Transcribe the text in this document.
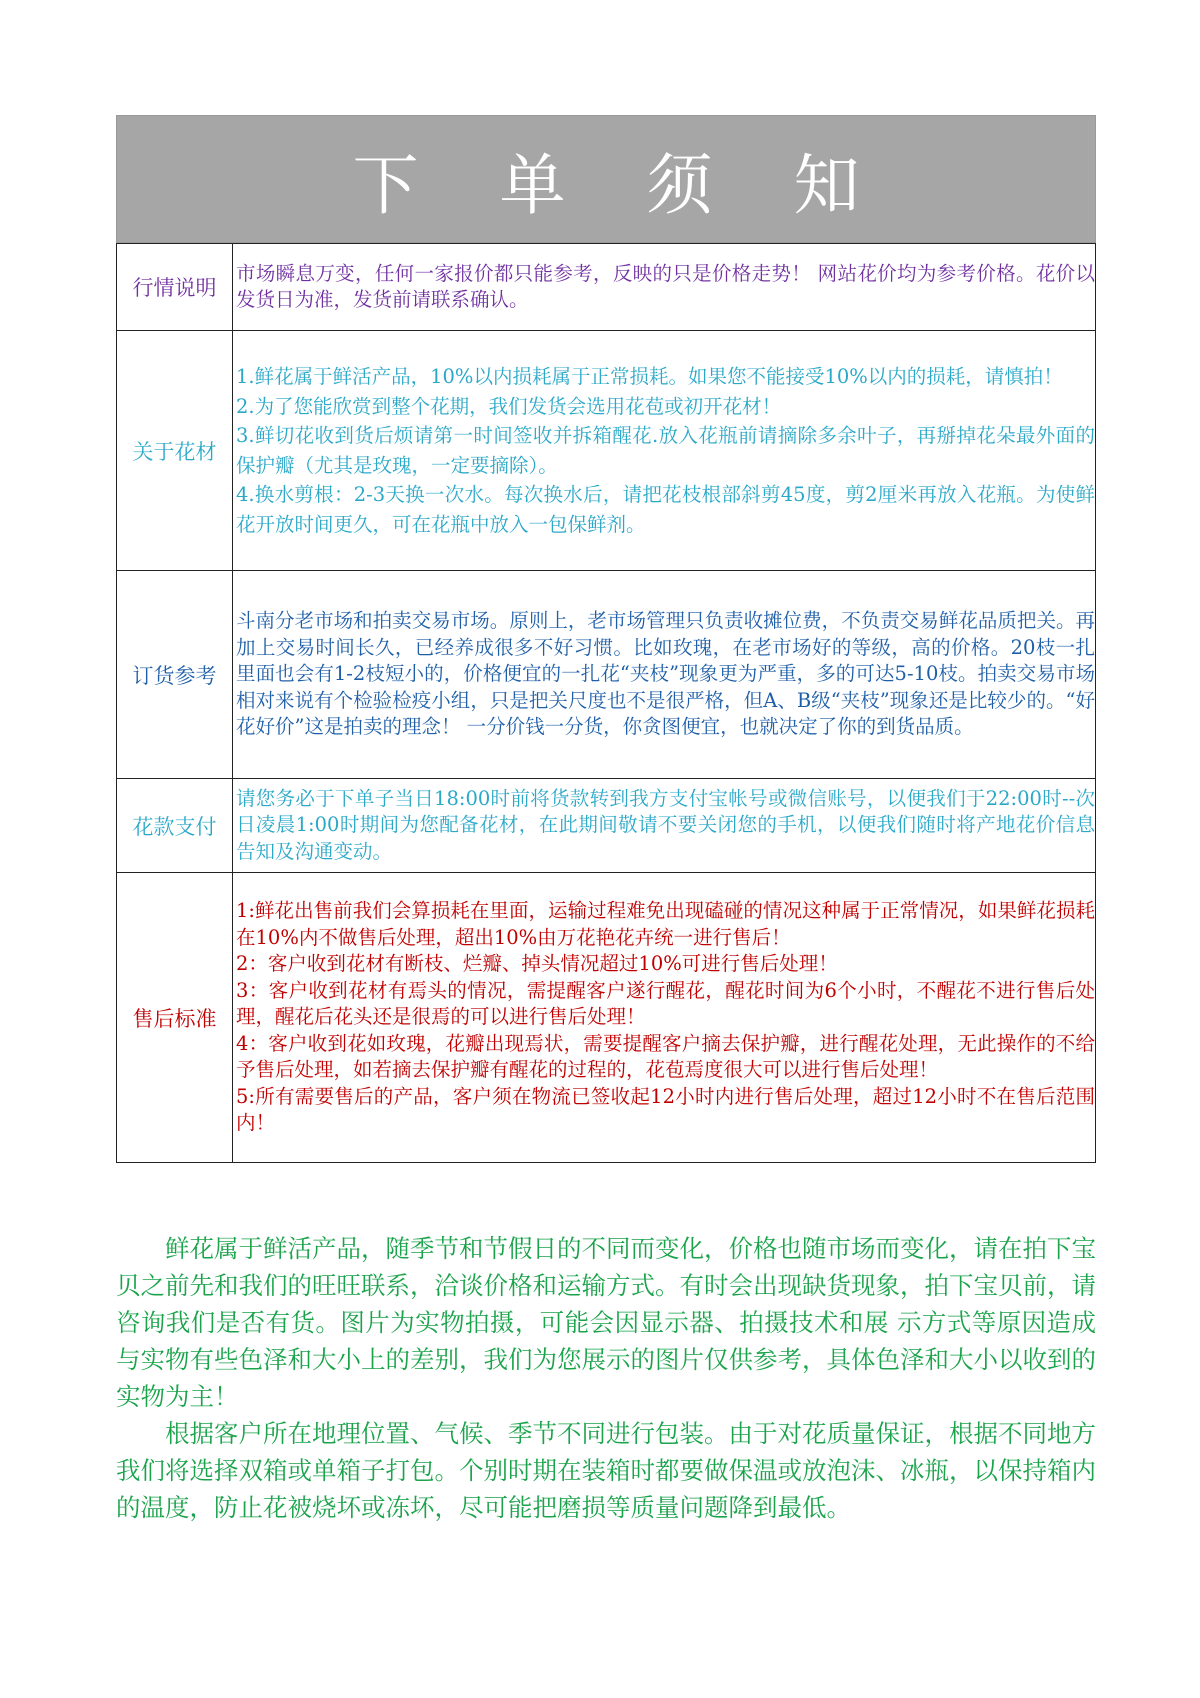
下 单 须 知
行情说明	市场瞬息万变，任何一家报价都只能参考，反映的只是价格走势！ 网站花价均为参考价格。花价以发货日为准，发货前请联系确认。

关于花材	1.鲜花属于鲜活产品，10%以内损耗属于正常损耗。如果您不能接受10%以内的损耗，请慎拍！
2.为了您能欣赏到整个花期，我们发货会选用花苞或初开花材！
3.鲜切花收到货后烦请第一时间签收并拆箱醒花.放入花瓶前请摘除多余叶子，再掰掉花朵最外面的保护瓣（尤其是玫瑰，一定要摘除）。
4.换水剪根：2-3天换一次水。每次换水后，请把花枝根部斜剪45度，剪2厘米再放入花瓶。为使鲜花开放时间更久，可在花瓶中放入一包保鲜剂。

订货参考	斗南分老市场和拍卖交易市场。原则上，老市场管理只负责收摊位费，不负责交易鲜花品质把关。再加上交易时间长久，已经养成很多不好习惯。比如玫瑰，在老市场好的等级，高的价格。20枝一扎里面也会有1-2枝短小的，价格便宜的一扎花“夹枝”现象更为严重，多的可达5-10枝。拍卖交易市场相对来说有个检验检疫小组，只是把关尺度也不是很严格，但A、B级“夹枝”现象还是比较少的。“好花好价”这是拍卖的理念！ 一分价钱一分货，你贪图便宜，也就决定了你的到货品质。

花款支付	请您务必于下单子当日18:00时前将货款转到我方支付宝帐号或微信账号，以便我们于22:00时--次日凌晨1:00时期间为您配备花材，在此期间敬请不要关闭您的手机，以便我们随时将产地花价信息告知及沟通变动。

售后标准	1:鲜花出售前我们会算损耗在里面，运输过程难免出现磕碰的情况这种属于正常情况，如果鲜花损耗在10%内不做售后处理，超出10%由万花艳花卉统一进行售后！
2：客户收到花材有断枝、烂瓣、掉头情况超过10%可进行售后处理！
3：客户收到花材有焉头的情况，需提醒客户遂行醒花，醒花时间为6个小时，不醒花不进行售后处理，醒花后花头还是很焉的可以进行售后处理！
4：客户收到花如玫瑰，花瓣出现焉状，需要提醒客户摘去保护瓣，进行醒花处理，无此操作的不给予售后处理，如若摘去保护瓣有醒花的过程的，花苞焉度很大可以进行售后处理！
5:所有需要售后的产品，客户须在物流已签收起12小时内进行售后处理，超过12小时不在售后范围内！

鲜花属于鲜活产品，随季节和节假日的不同而变化，价格也随市场而变化，请在拍下宝贝之前先和我们的旺旺联系，洽谈价格和运输方式。有时会出现缺货现象，拍下宝贝前，请咨询我们是否有货。图片为实物拍摄，可能会因显示器、拍摄技术和展 示方式等原因造成与实物有些色泽和大小上的差别，我们为您展示的图片仅供参考，具体色泽和大小以收到的实物为主！

根据客户所在地理位置、气候、季节不同进行包装。由于对花质量保证，根据不同地方我们将选择双箱或单箱子打包。个别时期在装箱时都要做保温或放泡沫、冰瓶，以保持箱内的温度，防止花被烧坏或冻坏，尽可能把磨损等质量问题降到最低。
